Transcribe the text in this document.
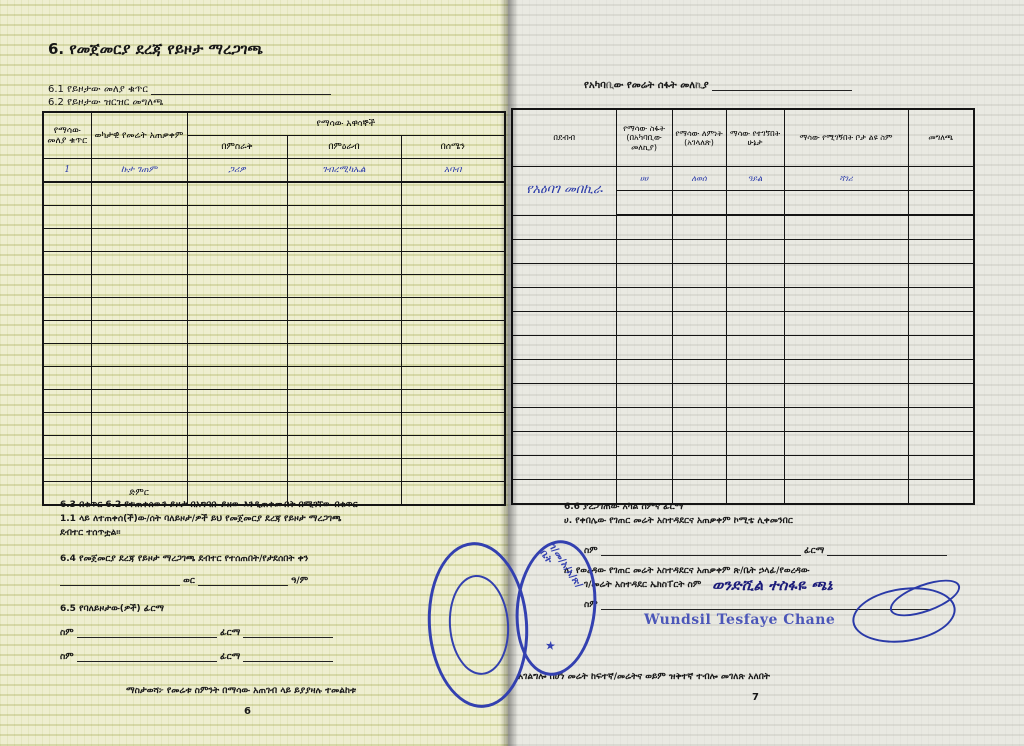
6. የመጀመርያ ደረጃ የይዞታ ማረጋገጫ
6.1 የይዞታው መለያ ቁጥር
6.2 የይዞታው ዝርዝር መግለጫ
የማሳው መለያ ቁጥር	ወካታዊ የመሬት አጠቃቀም	የማሳው አዋሳኞች		
		በምስራቅ	በምዕራብ	በሰሜን
1	ኩታ ገጠም	ጋሪዎ	ገብረሚካኤል	አባብ

	ድምር			
6.3 በቁጥር 6.2 የተጠቀሰውን ይዞታ በአግባቡ ይዘው እንዲጠቀሙበት በሚገኘው በቁጥር
1.1 ላይ ለተጠቀሰ(ች)ው/ሰት ባለይዞታ/ዎች ይህ የመጀመርያ ደረጃ የይዞታ ማረጋገጫ
ደብተር ተሰጥቷል።
6.4 የመጀመርያ ደረጃ የይዞታ ማረጋገጫ ደብተር የተሰጠበት/የታደሰበት ቀን
ወር	ዓ/ም
6.5 የባለይዞታው(ዎች) ፊርማ
ስም	ፊርማ
ስም	ፊርማ
ማስታወሻ፦ የመሬቱ ስምንት በማሳው አጠገብ ላይ ይያያዛሉ ተመልከቱ
6
የአካባቢው የመሬት ሰፋት መለኪያ
በደብብ	የማሳው ስፋት (በአካባቢው መለኪያ)	የማሳው ለምነት (አገላለጽ)	ማሳው የተገኘበት ሁኔታ	ማሳው የሚገኝበት ቦታ ልዩ ስም	መግለጫ
የአዕባገ መበኪራ	ሀሀ	ለወሰ	ዓይል	ሻገሪ	

6.6 ያረጋገጠው አካል ስምና ፊርማ
ሀ. የቀበሌው የገጠር መሬት አስተዳደርና አጠቃቀም ኮሚቴ ሊቀመንበር
ስም	ፊርማ
ለ. የወረዳው የገጠር መሬት አስተዳደርና አጠቃቀም ጽ/ቤት ኃላፊ/የወረዳው
ገ/መሬት አስተዳደር ኤክስፐርት ስም ወንድሺል ተስፋዬ ጫኔ
ስም
Wundsil Tesfaye Chane
አገልግሎ በሆነ መሬት ከፍተኛ/መሬትና ወይም ዝቅተኛ ተብሎ መገለጽ አለበት
7
ገ/መ/አ/አ/ጽ/ቤት
★
